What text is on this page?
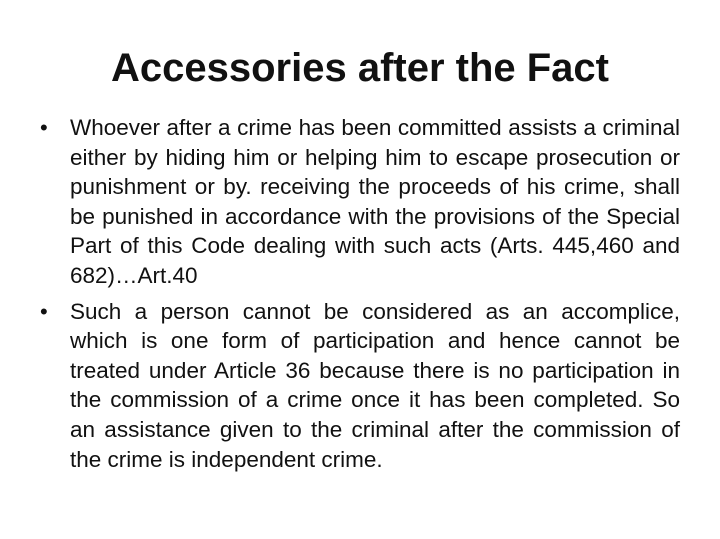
Accessories after the Fact
• Whoever after a crime has been committed assists a criminal either by hiding him or helping him to escape prosecution or punishment or by. receiving the proceeds of his crime, shall be punished in accordance with the provisions of the Special Part of this Code dealing with such acts (Arts. 445,460 and 682)…Art.40
• Such a person cannot be considered as an accomplice, which is one form of participation and hence cannot be treated under Article 36 because there is no participation in the commission of a crime once it has been completed. So an assistance given to the criminal after the commission of the crime is independent crime.
